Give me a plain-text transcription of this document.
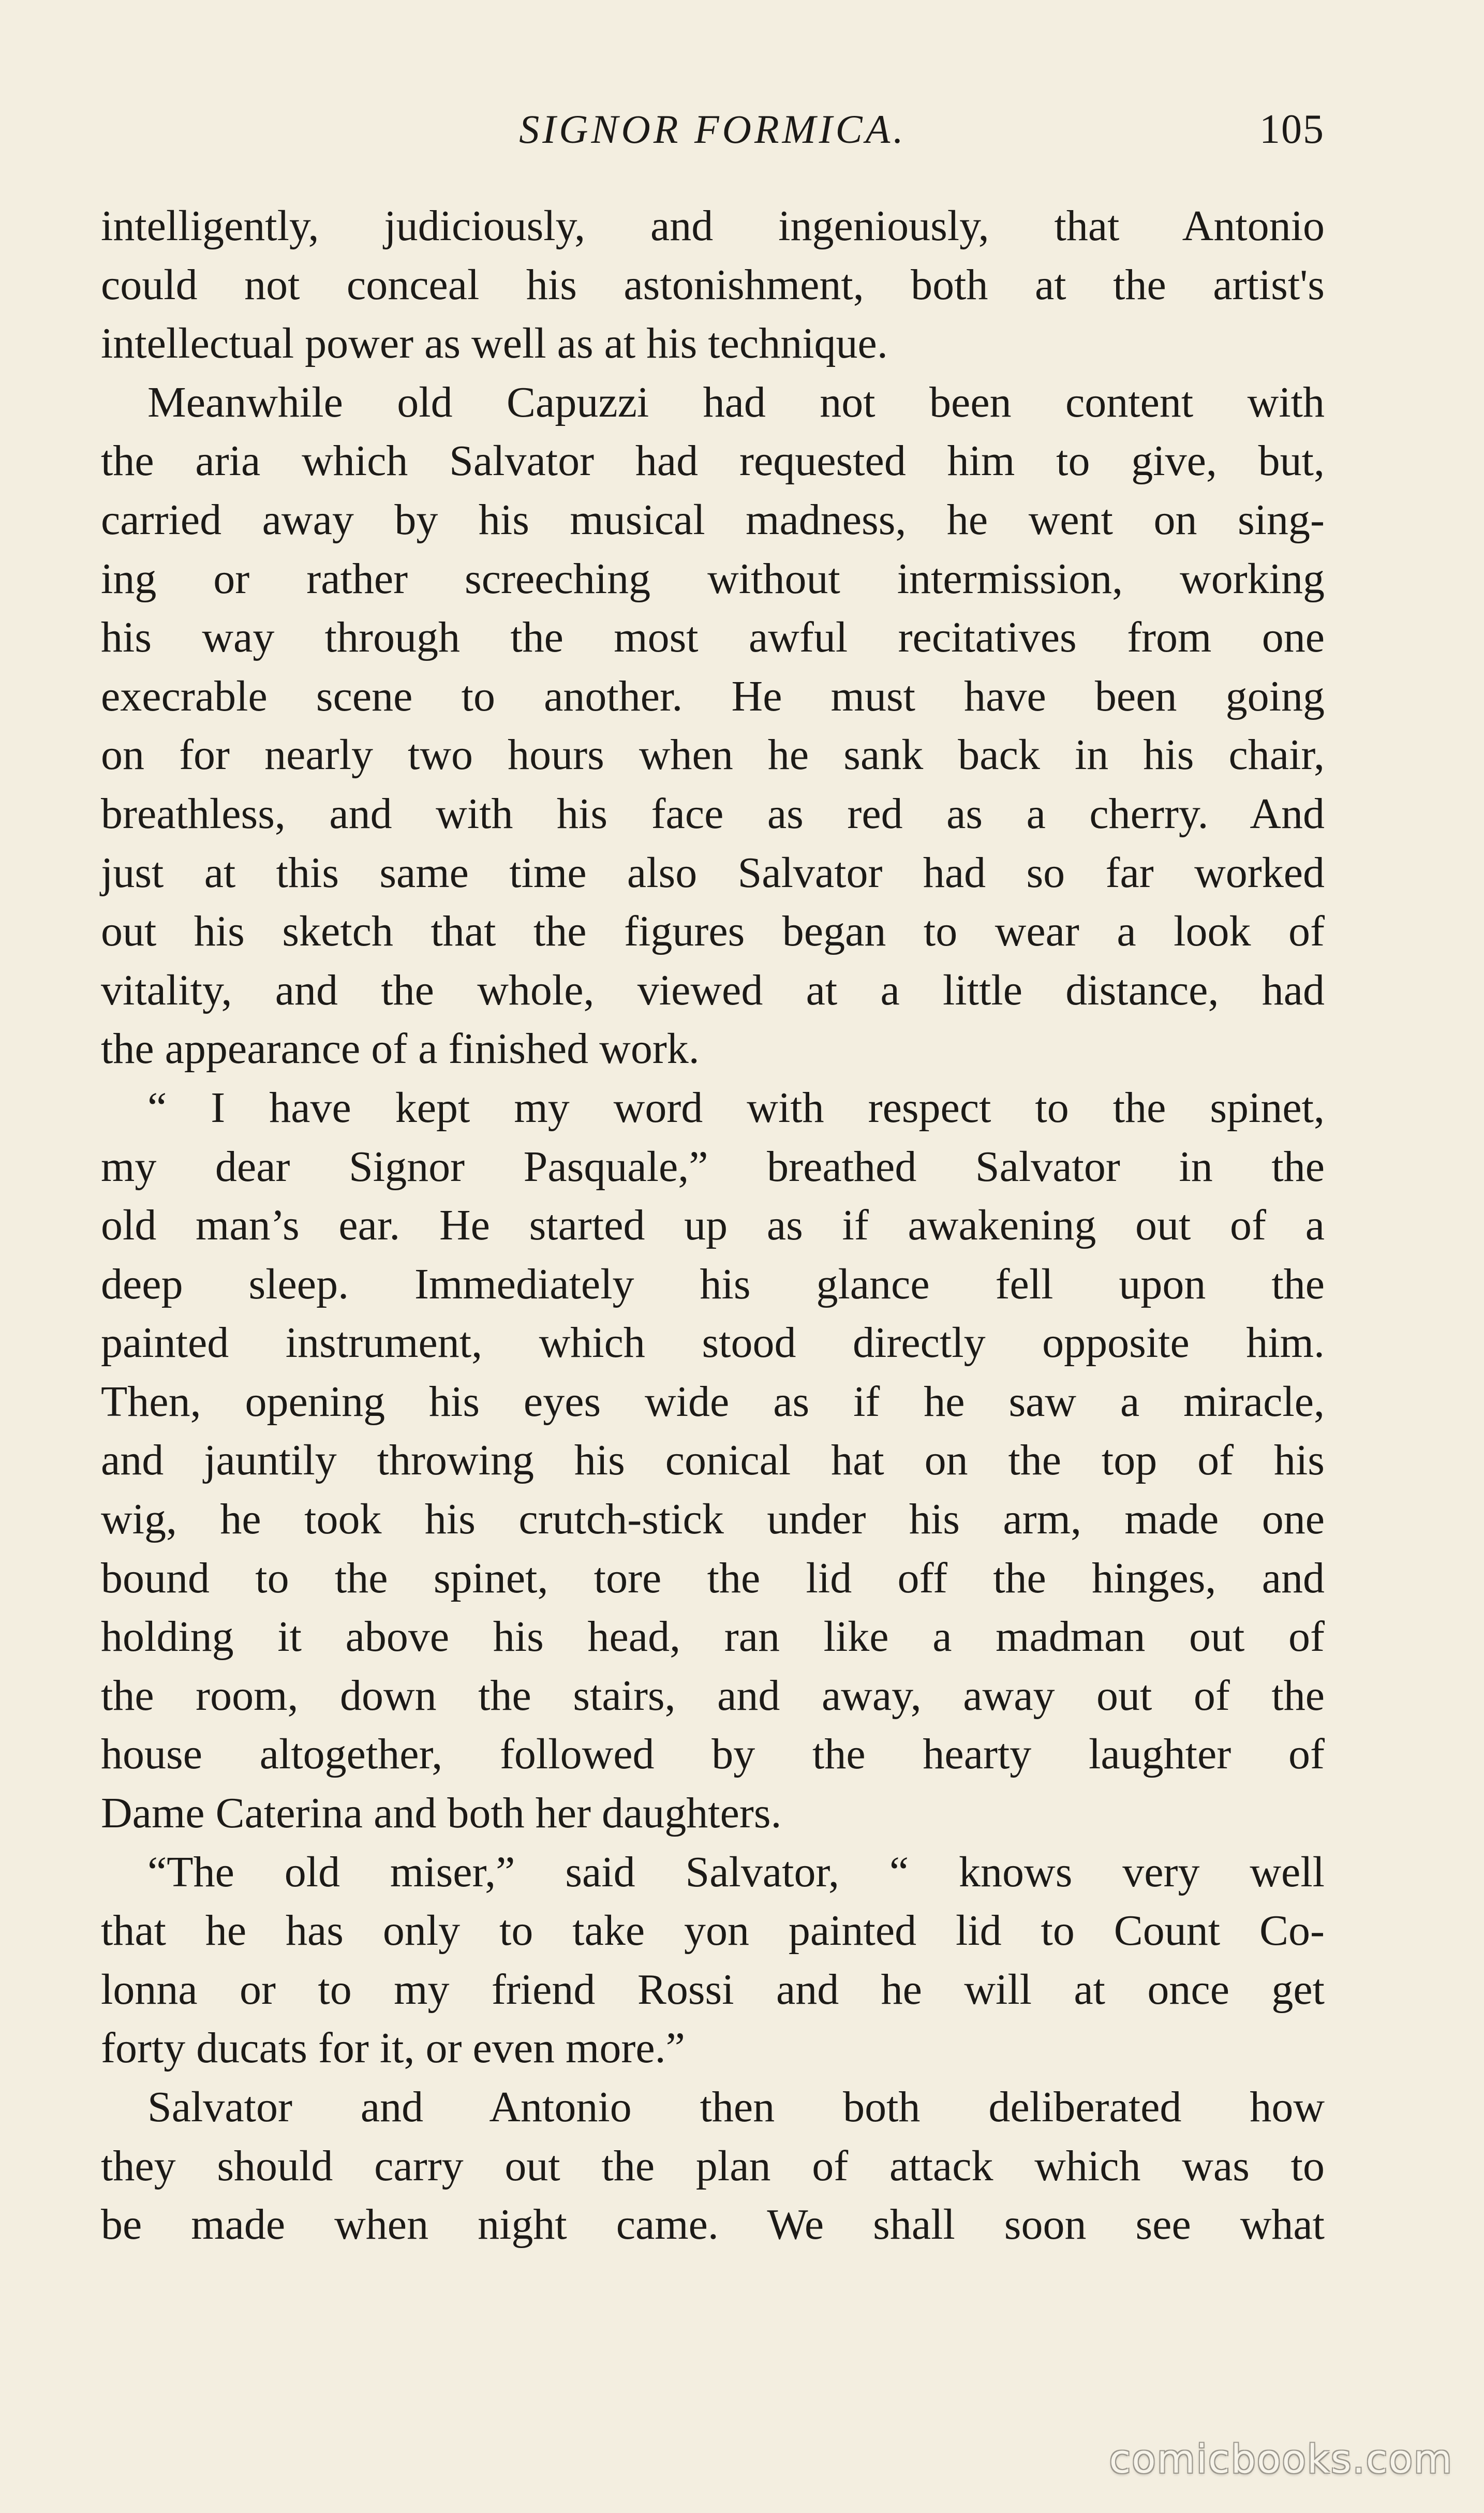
SIGNOR FORMICA.	105
intelligently, judiciously, and ingeniously, that Antonio
could not conceal his astonishment, both at the artist's
intellectual power as well as at his technique.
Meanwhile old Capuzzi had not been content with
the aria which Salvator had requested him to give, but,
carried away by his musical madness, he went on sing-
ing or rather screeching without intermission, working
his way through the most awful recitatives from one
execrable scene to another. He must have been going
on for nearly two hours when he sank back in his chair,
breathless, and with his face as red as a cherry. And
just at this same time also Salvator had so far worked
out his sketch that the figures began to wear a look of
vitality, and the whole, viewed at a little distance, had
the appearance of a finished work.
“ I have kept my word with respect to the spinet,
my dear Signor Pasquale,” breathed Salvator in the
old man’s ear. He started up as if awakening out of a
deep sleep. Immediately his glance fell upon the
painted instrument, which stood directly opposite him.
Then, opening his eyes wide as if he saw a miracle,
and jauntily throwing his conical hat on the top of his
wig, he took his crutch-stick under his arm, made one
bound to the spinet, tore the lid off the hinges, and
holding it above his head, ran like a madman out of
the room, down the stairs, and away, away out of the
house altogether, followed by the hearty laughter of
Dame Caterina and both her daughters.
“The old miser,” said Salvator, “ knows very well
that he has only to take yon painted lid to Count Co-
lonna or to my friend Rossi and he will at once get
forty ducats for it, or even more.”
Salvator and Antonio then both deliberated how
they should carry out the plan of attack which was to
be made when night came. We shall soon see what
comicbooks.com
